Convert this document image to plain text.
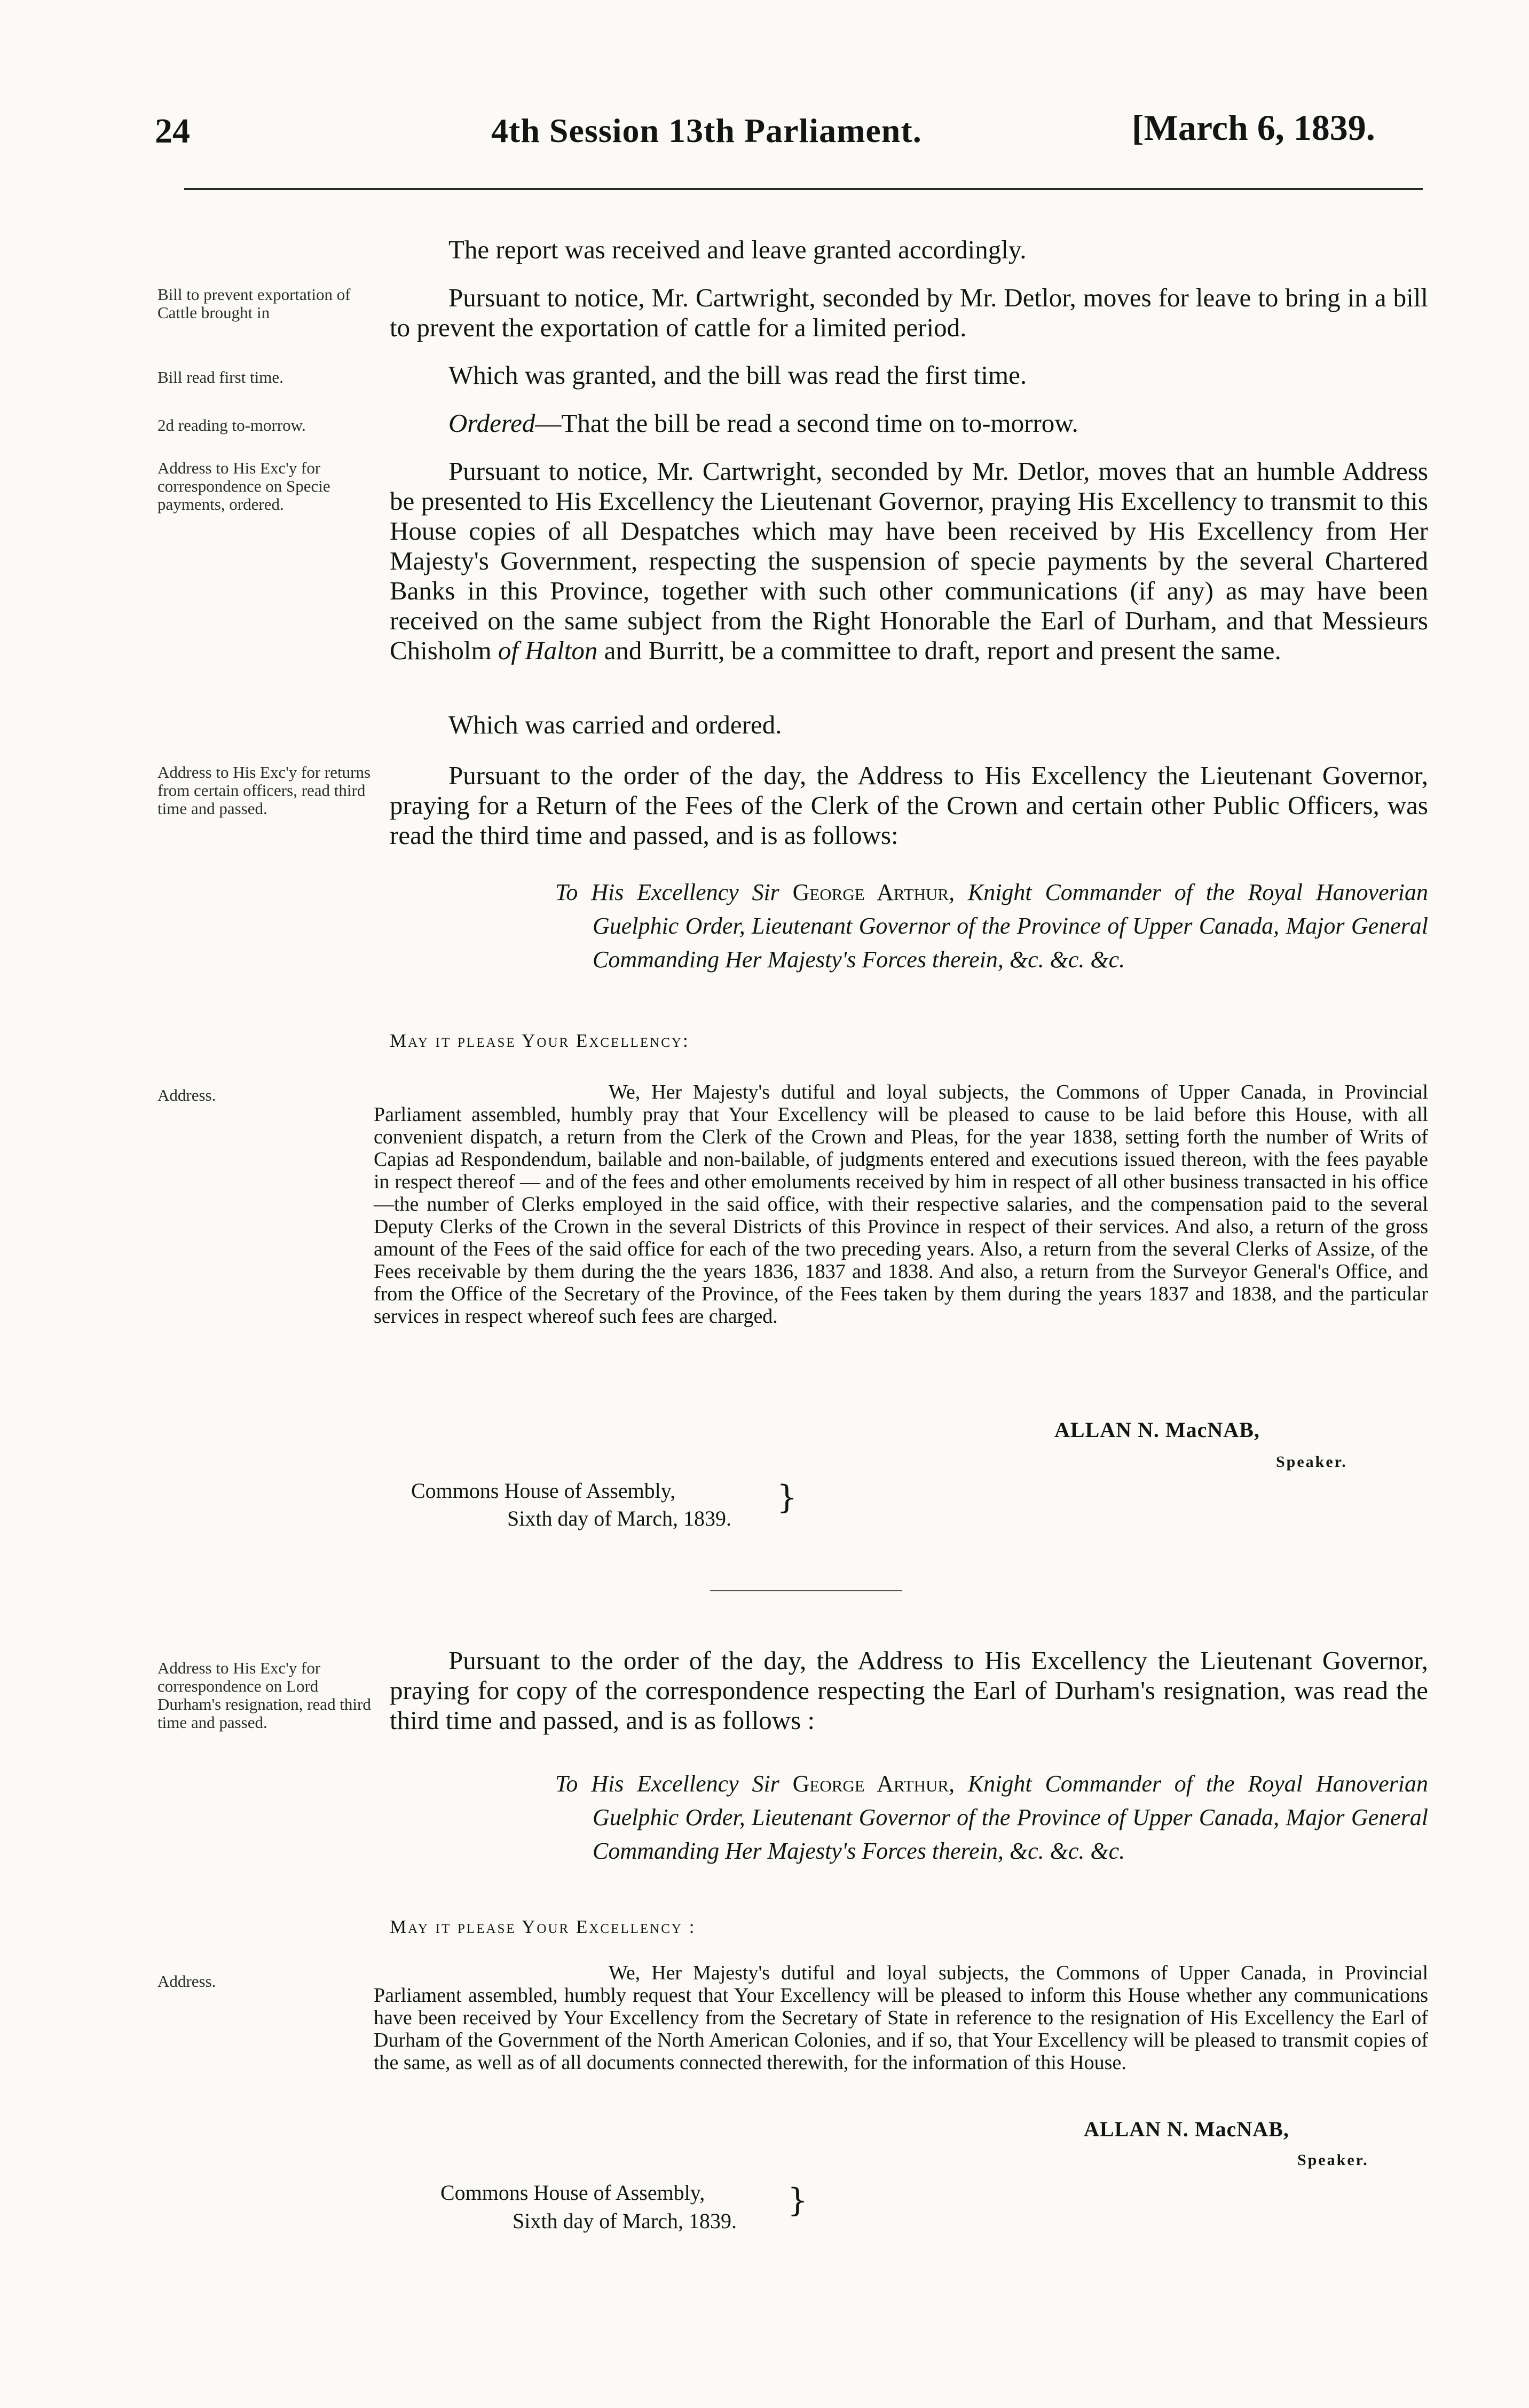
24	4th Session 13th Parliament.	[March 6, 1839.
The report was received and leave granted accordingly.
Bill to prevent exportation of Cattle brought in
Pursuant to notice, Mr. Cartwright, seconded by Mr. Detlor, moves for leave to bring in a bill to prevent the exportation of cattle for a limited period.
Bill read first time.	Which was granted, and the bill was read the first time.
2d reading to-morrow.	Ordered—That the bill be read a second time on to-morrow.
Address to His Exc'y for correspondence on Specie payments, ordered.
Pursuant to notice, Mr. Cartwright, seconded by Mr. Detlor, moves that an humble Address be presented to His Excellency the Lieutenant Governor, praying His Excellency to transmit to this House copies of all Despatches which may have been received by His Excellency from Her Majesty's Government, respecting the suspension of specie payments by the several Chartered Banks in this Province, together with such other communications (if any) as may have been received on the same subject from the Right Honorable the Earl of Durham, and that Messieurs Chisholm of Halton and Burritt, be a committee to draft, report and present the same.
Which was carried and ordered.
Address to His Exc'y for returns from certain officers, read third time and passed.
Pursuant to the order of the day, the Address to His Excellency the Lieutenant Governor, praying for a Return of the Fees of the Clerk of the Crown and certain other Public Officers, was read the third time and passed, and is as follows:
To His Excellency Sir George Arthur, Knight Commander of the Royal Hanoverian Guelphic Order, Lieutenant Governor of the Province of Upper Canada, Major General Commanding Her Majesty's Forces therein, &c. &c. &c.
May it please Your Excellency:
Address.	We, Her Majesty's dutiful and loyal subjects, the Commons of Upper Canada, in Provincial Parliament assembled, humbly pray that Your Excellency will be pleased to cause to be laid before this House, with all convenient dispatch, a return from the Clerk of the Crown and Pleas, for the year 1838, setting forth the number of Writs of Capias ad Respondendum, bailable and non-bailable, of judgments entered and executions issued thereon, with the fees payable in respect thereof — and of the fees and other emoluments received by him in respect of all other business transacted in his office—the number of Clerks employed in the said office, with their respective salaries, and the compensation paid to the several Deputy Clerks of the Crown in the several Districts of this Province in respect of their services. And also, a return of the gross amount of the Fees of the said office for each of the two preceding years. Also, a return from the several Clerks of Assize, of the Fees receivable by them during the the years 1836, 1837 and 1838. And also, a return from the Surveyor General's Office, and from the Office of the Secretary of the Province, of the Fees taken by them during the years 1837 and 1838, and the particular services in respect whereof such fees are charged.
ALLAN N. MacNAB,
Speaker.
Commons House of Assembly,
Sixth day of March, 1839.
}
Address to His Exc'y for correspondence on Lord Durham's resignation, read third time and passed.
Pursuant to the order of the day, the Address to His Excellency the Lieutenant Governor, praying for copy of the correspondence respecting the Earl of Durham's resignation, was read the third time and passed, and is as follows :
To His Excellency Sir George Arthur, Knight Commander of the Royal Hanoverian Guelphic Order, Lieutenant Governor of the Province of Upper Canada, Major General Commanding Her Majesty's Forces therein, &c. &c. &c.
May it please Your Excellency :
Address.	We, Her Majesty's dutiful and loyal subjects, the Commons of Upper Canada, in Provincial Parliament assembled, humbly request that Your Excellency will be pleased to inform this House whether any communications have been received by Your Excellency from the Secretary of State in reference to the resignation of His Excellency the Earl of Durham of the Government of the North American Colonies, and if so, that Your Excellency will be pleased to transmit copies of the same, as well as of all documents connected therewith, for the information of this House.
ALLAN N. MacNAB,
Speaker.
Commons House of Assembly,
Sixth day of March, 1839.
}
